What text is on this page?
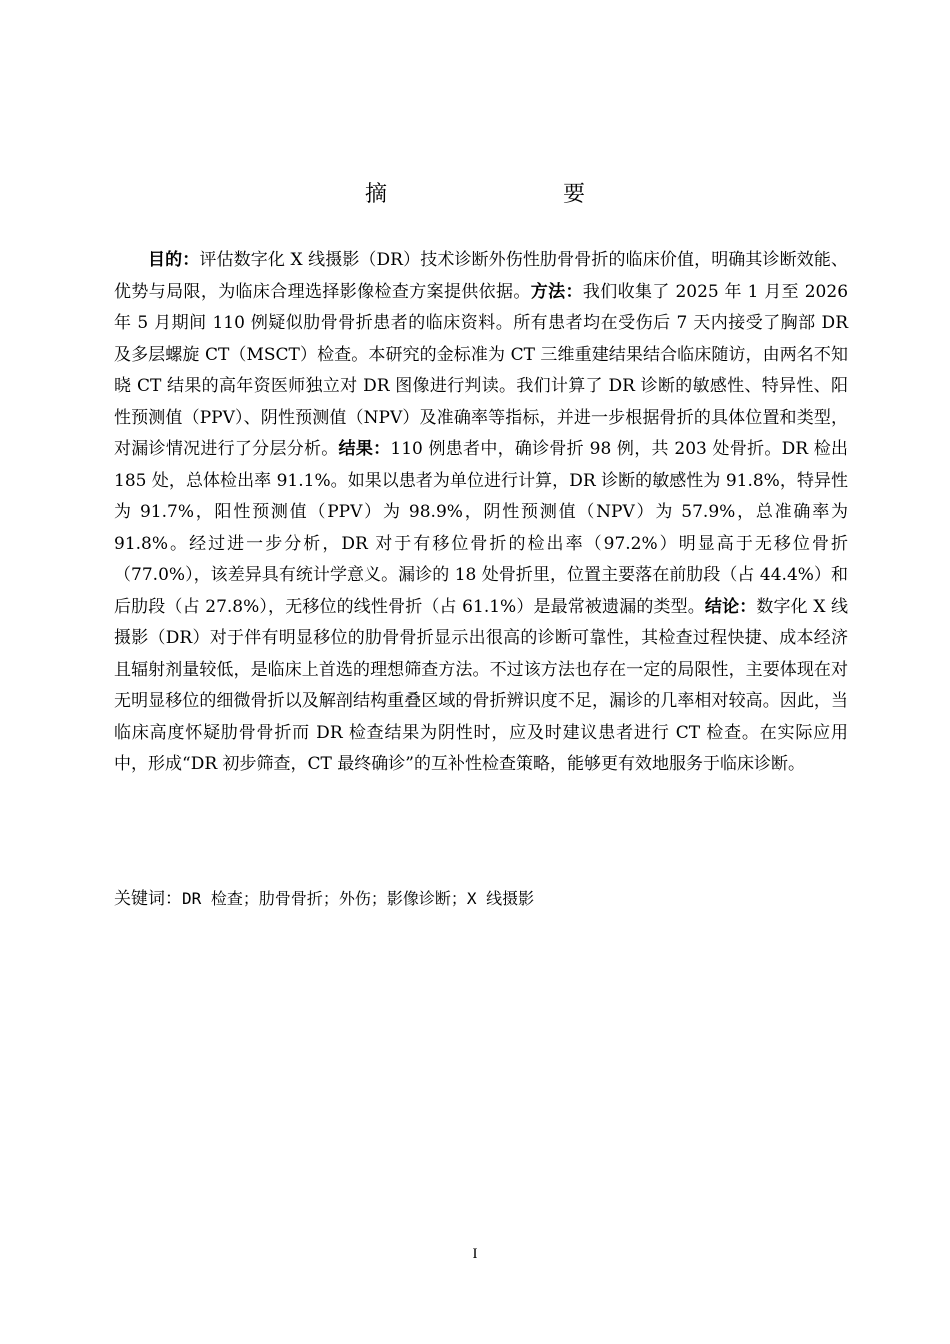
摘　　要

目的：评估数字化 X 线摄影（DR）技术诊断外伤性肋骨骨折的临床价值，明确其诊断效能、优势与局限，为临床合理选择影像检查方案提供依据。方法：我们收集了 2025 年 1 月至 2026 年 5 月期间 110 例疑似肋骨骨折患者的临床资料。所有患者均在受伤后 7 天内接受了胸部 DR 及多层螺旋 CT（MSCT）检查。本研究的金标准为 CT 三维重建结果结合临床随访，由两名不知晓 CT 结果的高年资医师独立对 DR 图像进行判读。我们计算了 DR 诊断的敏感性、特异性、阳性预测值（PPV）、阴性预测值（NPV）及准确率等指标，并进一步根据骨折的具体位置和类型，对漏诊情况进行了分层分析。结果：110 例患者中，确诊骨折 98 例，共 203 处骨折。DR 检出 185 处，总体检出率 91.1%。如果以患者为单位进行计算，DR 诊断的敏感性为 91.8%，特异性为 91.7%，阳性预测值（PPV）为 98.9%，阴性预测值（NPV）为 57.9%，总准确率为 91.8%。经过进一步分析，DR 对于有移位骨折的检出率（97.2%）明显高于无移位骨折（77.0%），该差异具有统计学意义。漏诊的 18 处骨折里，位置主要落在前肋段（占 44.4%）和后肋段（占 27.8%），无移位的线性骨折（占 61.1%）是最常被遗漏的类型。结论：数字化 X 线摄影（DR）对于伴有明显移位的肋骨骨折显示出很高的诊断可靠性，其检查过程快捷、成本经济且辐射剂量较低，是临床上首选的理想筛查方法。不过该方法也存在一定的局限性，主要体现在对无明显移位的细微骨折以及解剖结构重叠区域的骨折辨识度不足，漏诊的几率相对较高。因此，当临床高度怀疑肋骨骨折而 DR 检查结果为阴性时，应及时建议患者进行 CT 检查。在实际应用中，形成“DR 初步筛查，CT 最终确诊”的互补性检查策略，能够更有效地服务于临床诊断。

关键词：DR 检查；肋骨骨折；外伤；影像诊断；X 线摄影

I
